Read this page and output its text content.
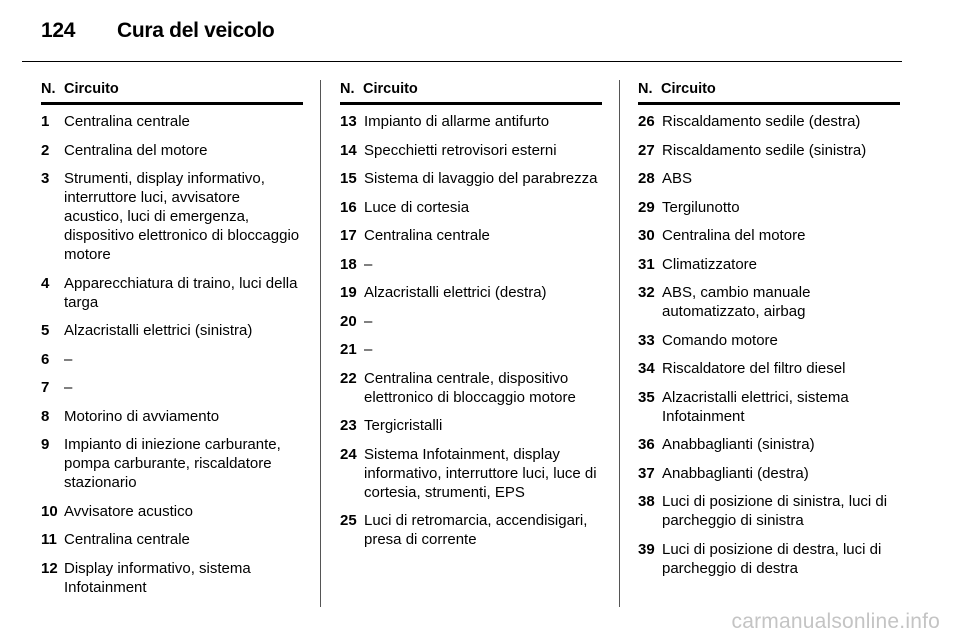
124 Cura del veicolo
N. Circuito
1 Centralina centrale
2 Centralina del motore
3 Strumenti, display informativo, interruttore luci, avvisatore acustico, luci di emergenza, dispositivo elettronico di bloccaggio motore
4 Apparecchiatura di traino, luci della targa
5 Alzacristalli elettrici (sinistra)
6 –
7 –
8 Motorino di avviamento
9 Impianto di iniezione carburante, pompa carburante, riscaldatore stazionario
10 Avvisatore acustico
11 Centralina centrale
12 Display informativo, sistema Infotainment
N. Circuito
13 Impianto di allarme antifurto
14 Specchietti retrovisori esterni
15 Sistema di lavaggio del parabrezza
16 Luce di cortesia
17 Centralina centrale
18 –
19 Alzacristalli elettrici (destra)
20 –
21 –
22 Centralina centrale, dispositivo elettronico di bloccaggio motore
23 Tergicristalli
24 Sistema Infotainment, display informativo, interruttore luci, luce di cortesia, strumenti, EPS
25 Luci di retromarcia, accendisigari, presa di corrente
N. Circuito
26 Riscaldamento sedile (destra)
27 Riscaldamento sedile (sinistra)
28 ABS
29 Tergilunotto
30 Centralina del motore
31 Climatizzatore
32 ABS, cambio manuale automatizzato, airbag
33 Comando motore
34 Riscaldatore del filtro diesel
35 Alzacristalli elettrici, sistema Infotainment
36 Anabbaglianti (sinistra)
37 Anabbaglianti (destra)
38 Luci di posizione di sinistra, luci di parcheggio di sinistra
39 Luci di posizione di destra, luci di parcheggio di destra
carmanualsonline.info
